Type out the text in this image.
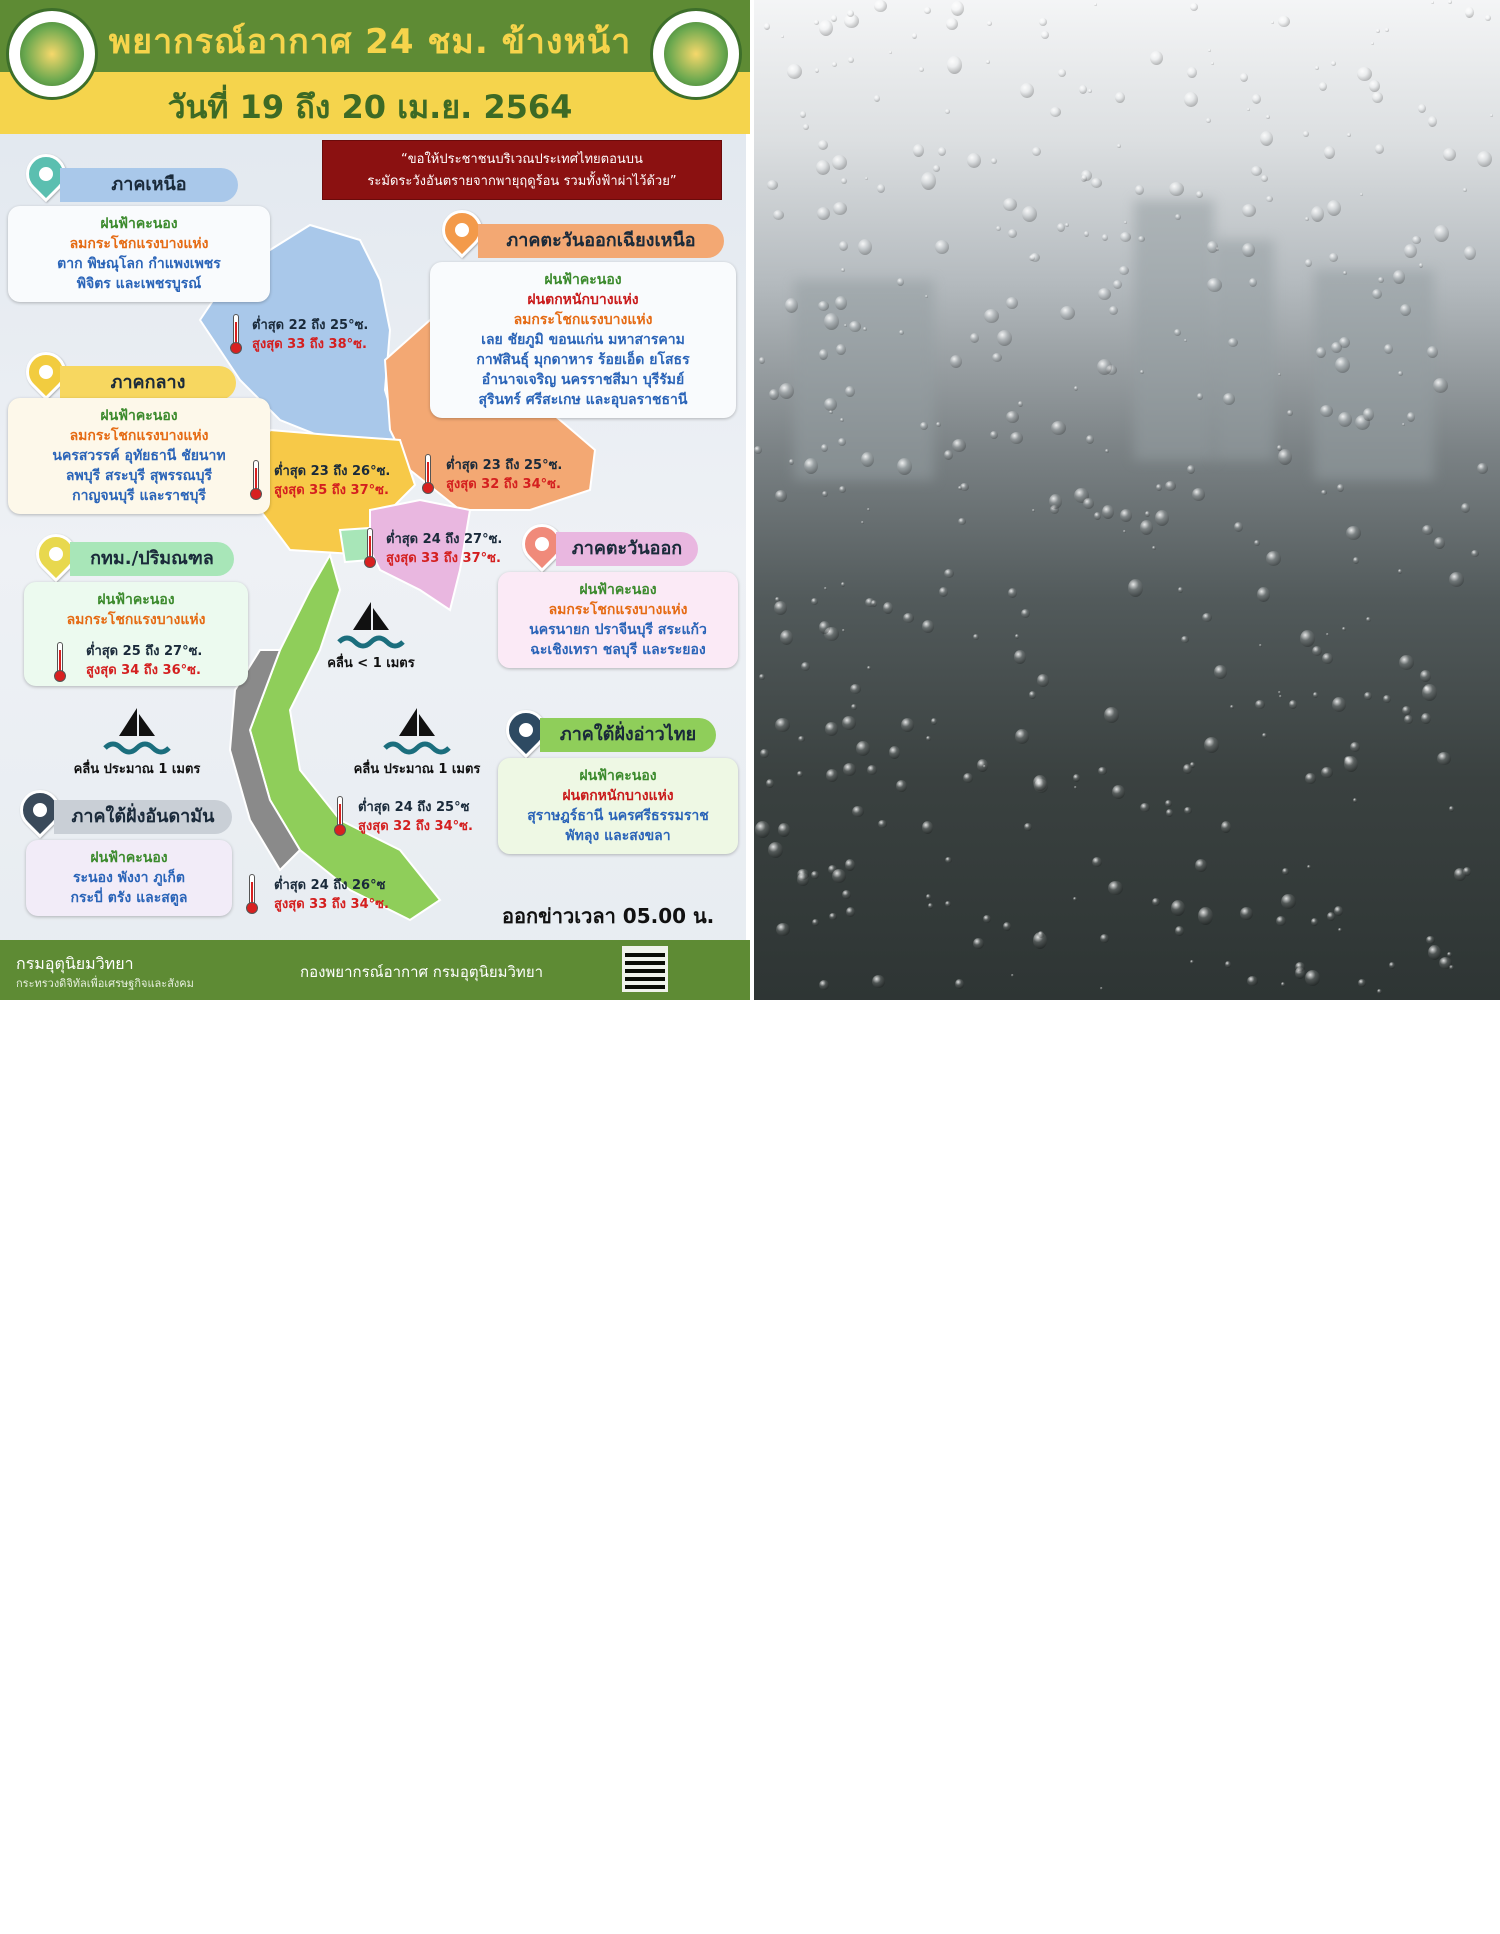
พยากรณ์อากาศ 24 ชม. ข้างหน้า
วันที่ 19 ถึง 20 เม.ย. 2564
“ขอให้ประชาชนบริเวณประเทศไทยตอนบน
ระมัดระวังอันตรายจากพายุฤดูร้อน รวมทั้งฟ้าผ่าไว้ด้วย”
ภาคเหนือ
ฝนฟ้าคะนอง
ลมกระโชกแรงบางแห่ง
ตาก พิษณุโลก กำแพงเพชร
พิจิตร และเพชรบูรณ์
ต่ำสุด 22 ถึง 25°ซ.
สูงสุด 33 ถึง 38°ซ.
ภาคตะวันออกเฉียงเหนือ
ฝนฟ้าคะนอง
ฝนตกหนักบางแห่ง
ลมกระโชกแรงบางแห่ง
เลย ชัยภูมิ ขอนแก่น มหาสารคาม
กาฬสินธุ์ มุกดาหาร ร้อยเอ็ด ยโสธร
อำนาจเจริญ นครราชสีมา บุรีรัมย์
สุรินทร์ ศรีสะเกษ และอุบลราชธานี
ต่ำสุด 23 ถึง 25°ซ.
สูงสุด 32 ถึง 34°ซ.
ภาคกลาง
ฝนฟ้าคะนอง
ลมกระโชกแรงบางแห่ง
นครสวรรค์ อุทัยธานี ชัยนาท
ลพบุรี สระบุรี สุพรรณบุรี
กาญจนบุรี และราชบุรี
ต่ำสุด 23 ถึง 26°ซ.
สูงสุด 35 ถึง 37°ซ.
ต่ำสุด 24 ถึง 27°ซ.
สูงสุด 33 ถึง 37°ซ.	ภาคตะวันออก
ฝนฟ้าคะนอง
ลมกระโชกแรงบางแห่ง
นครนายก ปราจีนบุรี สระแก้ว
ฉะเชิงเทรา ชลบุรี และระยอง
กทม./ปริมณฑล
ฝนฟ้าคะนอง
ลมกระโชกแรงบางแห่ง
ต่ำสุด 25 ถึง 27°ซ.
สูงสุด 34 ถึง 36°ซ.	คลื่น < 1 เมตร
คลื่น ประมาณ 1 เมตร	คลื่น ประมาณ 1 เมตร
ภาคใต้ฝั่งอ่าวไทย
ฝนฟ้าคะนอง
ฝนตกหนักบางแห่ง
สุราษฎร์ธานี นครศรีธรรมราช
พัทลุง และสงขลา
ต่ำสุด 24 ถึง 25°ซ
สูงสุด 32 ถึง 34°ซ.
ภาคใต้ฝั่งอันดามัน
ฝนฟ้าคะนอง
ระนอง พังงา ภูเก็ต
กระบี่ ตรัง และสตูล
ต่ำสุด 24 ถึง 26°ซ
สูงสุด 33 ถึง 34°ซ.	ออกข่าวเวลา 05.00 น.
กรมอุตุนิยมวิทยา
กระทรวงดิจิทัลเพื่อเศรษฐกิจและสังคม
กองพยากรณ์อากาศ กรมอุตุนิยมวิทยา
1182
สายด่วนกรมอุตุฯ
www.tmd.go.th
